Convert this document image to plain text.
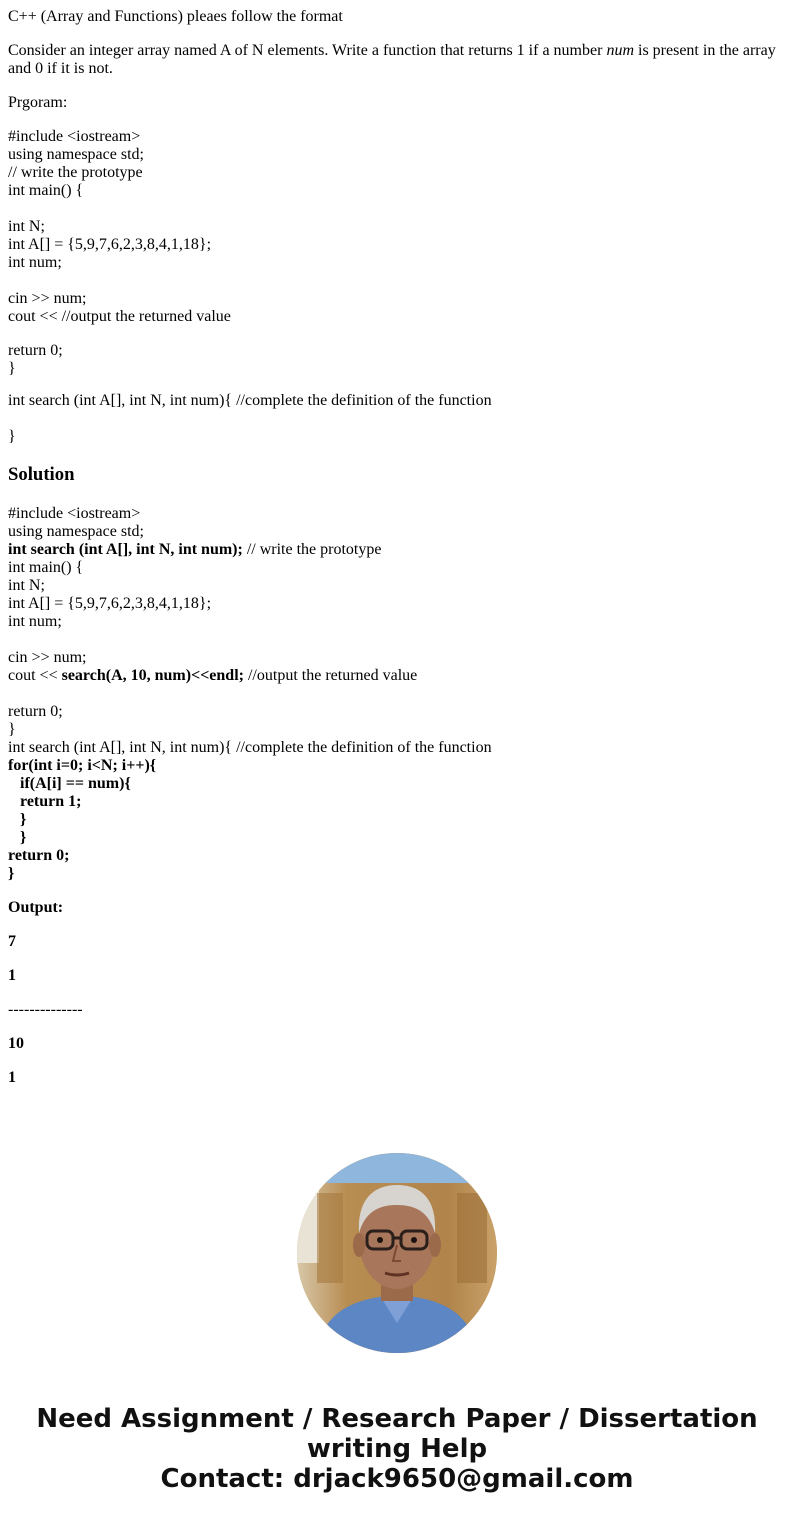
C++ (Array and Functions) pleaes follow the format

Consider an integer array named A of N elements. Write a function that returns 1 if a number num is present in the array and 0 if it is not.

Prgoram:

#include <iostream>
using namespace std;
// write the prototype
int main() {
int N;
int A[] = {5,9,7,6,2,3,8,4,1,18};
int num;
cin >> num;
cout << //output the returned value
return 0;
}

int search (int A[], int N, int num){ //complete the definition of the function

}

Solution
#include <iostream>
using namespace std;
int search (int A[], int N, int num); // write the prototype
int main() {
int N;
int A[] = {5,9,7,6,2,3,8,4,1,18};
int num;
cin >> num;
cout << search(A, 10, num)<<endl; //output the returned value
return 0;
}
int search (int A[], int N, int num){ //complete the definition of the function
for(int i=0; i<N; i++){
if(A[i] == num){
return 1;
}
}
return 0;
}

Output:

7

1

--------------

10

1

Need Assignment / Research Paper / Dissertation
writing Help
Contact: drjack9650@gmail.com
